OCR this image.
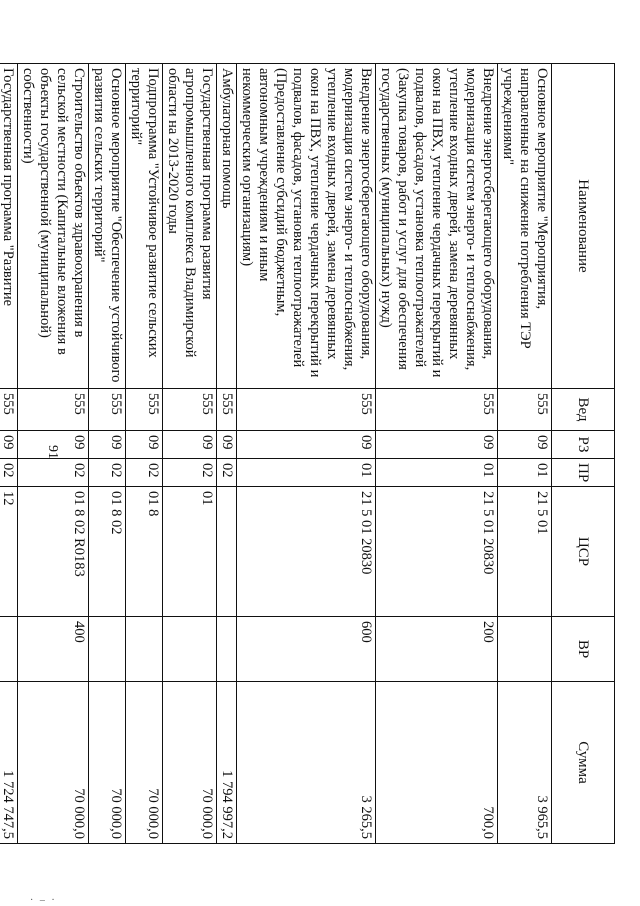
91
Наименование	Вед	РЗ	ПР	ЦСР	ВР	Сумма
Основное мероприятие "Мероприятия, направленные на снижение потребления ТЭР учреждениями"	555	09	01	21 5 01		3 965,5
Внедрение энергосберегающего оборудования, модернизация систем энерго- и теплоснабжения, утепление входных дверей, замена деревянных окон на ПВХ, утепление чердачных перекрытий и подвалов, фасадов, установка теплоотражателей (Закупка товаров, работ и услуг для обеспечения государственных (муниципальных) нужд)	555	09	01	21 5 01 20830	200	700,0
Внедрение энергосберегающего оборудования, модернизация систем энерго- и теплоснабжения, утепление входных дверей, замена деревянных окон на ПВХ, утепление чердачных перекрытий и подвалов, фасадов, установка теплоотражателей (Предоставление субсидий бюджетным, автономным учреждениям и иным некоммерческим организациям)	555	09	01	21 5 01 20830	600	3 265,5
Амбулаторная помощь	555	09	02			1 794 997,2
Государственная программа развития агропромышленного комплекса Владимирской области на 2013-2020 годы	555	09	02	01		70 000,0
Подпрограмма "Устойчивое развитие сельских территорий"	555	09	02	01 8		70 000,0
Основное мероприятие "Обеспечение устойчивого развития сельских территорий"	555	09	02	01 8 02		70 000,0
Строительство объектов здравоохранения в сельской местности (Капитальные вложения в объекты государственной (муниципальной) собственности)	555	09	02	01 8 02 R0183	400	70 000,0
Государственная программа "Развитие	555	09	02	12		1 724 747,5
· – ·
